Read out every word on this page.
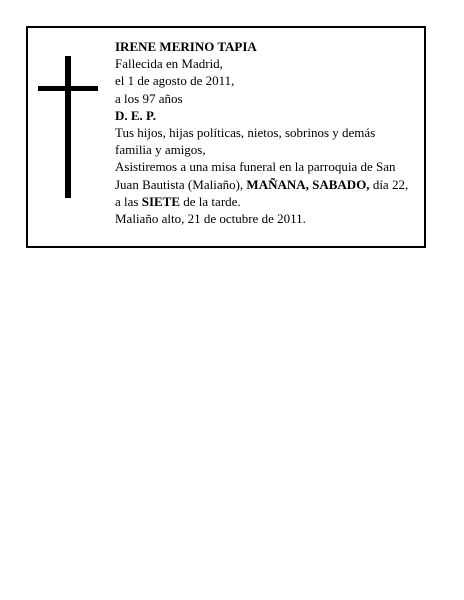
IRENE MERINO TAPIA

Fallecida en Madrid,

el 1 de agosto de 2011,

a los 97 años

D. E. P.

Tus hijos, hijas políticas, nietos, sobrinos y demás familia y amigos,

Asistiremos a una misa funeral en la parroquia de San Juan Bautista (Maliaño), MAÑANA, SABADO, día 22, a las SIETE de la tarde.

Maliaño alto, 21 de octubre de 2011.
